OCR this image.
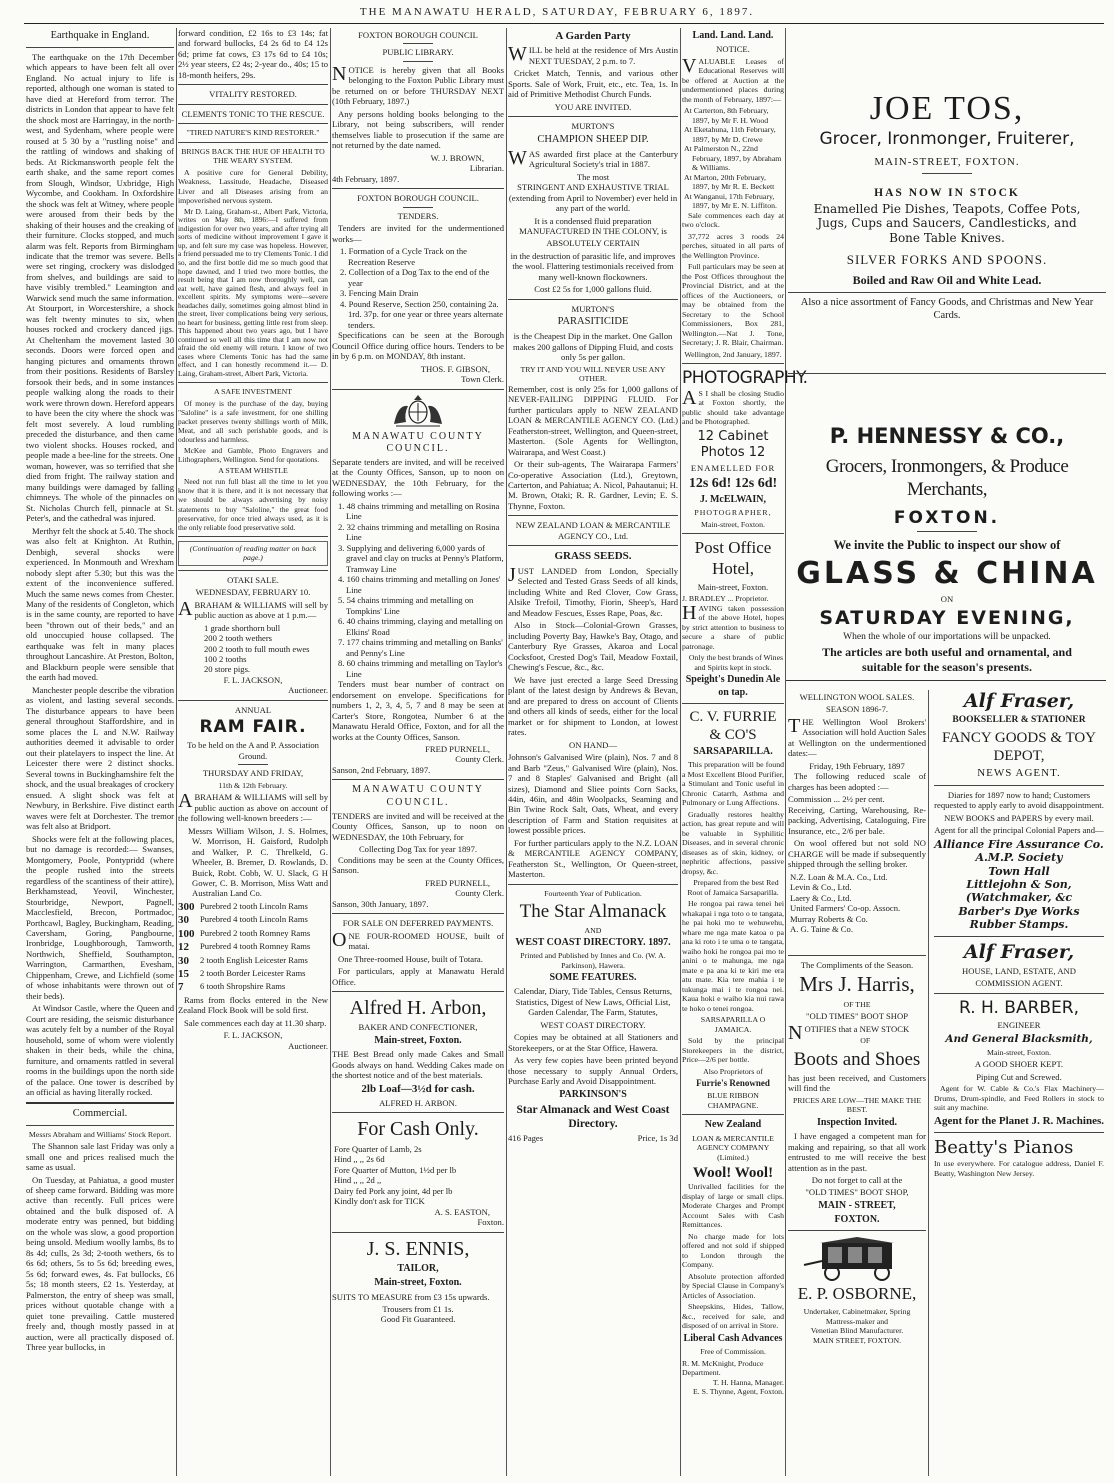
THE MANAWATU HERALD, SATURDAY, FEBRUARY 6, 1897.
Earthquake in England.

The earthquake on the 17th December which appears to have been felt all over England. No actual injury to life is reported, although one woman is stated to have died at Hereford from terror. The districts in London that appear to have felt the shock most are Harringay, in the north-west, and Sydenham, where people were roused at 5 30 by a "rustling noise" and the rattling of windows and shaking of beds. At Rickmansworth people felt the earth shake, and the same report comes from Slough, Windsor, Uxbridge, High Wycombe, and Cookham. In Oxfordshire the shock was felt at Witney, where people were aroused from their beds by the shaking of their houses and the creaking of their furniture. Clocks stopped, and much alarm was felt. Reports from Birmingham indicate that the tremor was severe. Bells were set ringing, crockery was dislodged from shelves, and buildings are said to have visibly trembled." Leamington and Warwick send much the same information. At Stourport, in Worcestershire, a shock was felt twenty minutes to six, when houses rocked and crockery danced jigs. At Cheltenham the movement lasted 30 seconds. Doors were forced open and hanging pictures and ornaments thrown from their positions. Residents of Barsley forsook their beds, and in some instances people walking along the roads to their work were thrown down. Hereford appears to have been the city where the shock was felt most severely. A loud rumbling preceded the disturbance, and then came two violent shocks. Houses rocked, and people made a bee-line for the streets. One woman, however, was so terrified that she died from fright. The railway station and many buildings were damaged by falling chimneys. The whole of the pinnacles on St. Nicholas Church fell, pinnacle at St. Peter's, and the cathedral was injured.

Merthyr felt the shock at 5.40. The shock was also felt at Knighton. At Ruthin, Denbigh, several shocks were experienced. In Monmouth and Wrexham nobody slept after 5.30; but this was the extent of the inconvenience suffered. Much the same news comes from Chester. Many of the residents of Congleton, which is in the same county, are reported to have been "thrown out of their beds," and an old unoccupied house collapsed. The earthquake was felt in many places throughout Lancashire. At Preston, Bolton, and Blackburn people were sensible that the earth had moved.

Manchester people describe the vibration as violent, and lasting several seconds. The disturbance appears to have been general throughout Staffordshire, and in some places the L and N.W. Railway authorities deemed it advisable to order out their platelayers to inspect the line. At Leicester there were 2 distinct shocks. Several towns in Buckinghamshire felt the shock, and the usual breakages of crockery ensued. A slight shock was felt at Newbury, in Berkshire. Five distinct earth waves were felt at Dorchester. The tremor was felt also at Bridport.

Shocks were felt at the following places, but no damage is recorded:— Swanses, Montgomery, Poole, Pontypridd (where the people rushed into the streets regardless of the scantiness of their attire), Berkhamstead, Yeovil, Winchester, Stourbridge, Newport, Pagnell, Macclesfield, Brecon, Portmadoc, Porthcawl, Bagley, Buckingham, Reading, Caversham, Goring, Pangbourne, Ironbridge, Loughborough, Tamworth, Northwich, Sheffield, Southampton, Warrington, Carmarthen, Evesham, Chippenham, Crewe, and Lichfield (some of whose inhabitants were thrown out of their beds).

At Windsor Castle, where the Queen and Court are residing, the seismic disturbance was acutely felt by a number of the Royal household, some of whom were violently shaken in their beds, while the china, furniture, and ornaments rattled in several rooms in the buildings upon the north side of the palace. One tower is described by an official as having literally rocked.

Commercial.
Messrs Abraham and Williams' Stock Report.

The Shannon sale last Friday was only a small one and prices realised much the same as usual.

On Tuesday, at Pahiatua, a good muster of sheep came forward. Bidding was more active than recently. Full prices were obtained and the bulk disposed of. A moderate entry was penned, but bidding on the whole was slow, a good proportion being unsold. Medium woolly lambs, 8s to 8s 4d; culls, 2s 3d; 2-tooth wethers, 6s to 6s 6d; others, 5s to 5s 6d; breeding ewes, 5s 6d; forward ewes, 4s. Fat bullocks, £6 5s; 18 month steers, £2 1s. Yesterday, at Palmerston, the entry of sheep was small, prices without quotable change with a quiet tone prevailing. Cattle mustered freely and, though mostly passed in at auction, were all practically disposed of. Three year bullocks, in

forward condition, £2 16s to £3 14s; fat and forward bullocks, £4 2s 6d to £4 12s 6d; prime fat cows, £3 17s 6d to £4 10s; 2½ year steers, £2 4s; 2-year do., 40s; 15 to 18-month heifers, 29s.

VITALITY RESTORED.
CLEMENTS TONIC TO THE RESCUE.
"TIRED NATURE'S KIND RESTORER."
BRINGS BACK THE HUE OF HEALTH TO THE WEARY SYSTEM.

A positive cure for General Debility, Weakness, Lassitude, Headache, Diseased Liver and all Diseases arising from an impoverished nervous system.

Mr D. Laing, Graham-st., Albert Park, Victoria, writes on May 8th, 1896:—I suffered from indigestion for over two years, and after trying all sorts of medicine without improvement I gave it up, and felt sure my case was hopeless. However, a friend persuaded me to try Clements Tonic. I did so, and the first bottle did me so much good that hope dawned, and I tried two more bottles, the result being that I am now thoroughly well, can eat well, have gained flesh, and always feel in excellent spirits. My symptoms were—severe headaches daily, sometimes going almost blind in the street, liver complications being very serious, no heart for business, getting little rest from sleep. This happened about two years ago, but I have continued so well all this time that I am now not afraid the old enemy will return. I know of two cases where Clements Tonic has had the same effect, and I can honestly recommend it.— D. Laing, Graham-street, Albert Park, Victoria.

A SAFE INVESTMENT

Of money is the purchase of the day, buying "Saloline" is a safe investment, for one shilling packet preserves twenty shillings worth of Milk, Meat, and all such perishable goods, and is odourless and harmless.

McKee and Gamble, Photo Engravers and Lithographers, Wellington. Send for quotations.

A STEAM WHISTLE

Need not run full blast all the time to let you know that it is there, and it is not necessary that we should be always advertising by noisy statements to buy "Saloline," the great food preservative, for once tried always used, as it is the only reliable food preservative sold.

(Continuation of reading matter on back page.)
OTAKI SALE.
WEDNESDAY, FEBRUARY 10.

ABRAHAM & WILLIAMS will sell by public auction as above at 1 p.m.—

1 grade shorthorn bull
200 2 tooth wethers
200 2 tooth to full mouth ewes
100 2 tooths
20 store pigs.
F. L. JACKSON,
Auctioneer.
ANNUAL
RAM FAIR.
To be held on the A and P. Association Ground.
THURSDAY AND FRIDAY,
11th & 12th February.

ABRAHAM & WILLIAMS will sell by public auction as above on account of the following well-known breeders :—

Messrs William Wilson, J. S. Holmes, W. Morrison, H. Gaisford, Rudolph and Walker, P. C. Threlkeld, G. Wheeler, B. Bremer, D. Rowlands, D. Buick, Robt. Cobb, W. U. Slack, G H Gower, C. B. Morrison, Miss Watt and Australian Land Co.

300 Purebred 2 tooth Lincoln Rams
30	Purebred 4 tooth Lincoln Rams
100 Purebred 2 tooth Romney Rams
12	Purebred 4 tooth Romney Rams
30	2 tooth English Leicester Rams
15	2 tooth Border Leicester Rams
7	6 tooth Shropshire Rams

Rams from flocks entered in the New Zealand Flock Book will be sold first.

Sale commences each day at 11.30 sharp.

F. L. JACKSON,
Auctioneer.
FOXTON BOROUGH COUNCIL
PUBLIC LIBRARY.

NOTICE is hereby given that all Books belonging to the Foxton Public Library must be returned on or before THURSDAY NEXT (10th February, 1897.)

Any persons holding books belonging to the Library, not being subscribers, will render themselves liable to prosecution if the same are not returned by the date named.

W. J. BROWN,
Librarian.
4th February, 1897.
FOXTON BOROUGH COUNCIL.
TENDERS.

Tenders are invited for the undermentioned works—

1. Formation of a Cycle Track on the Recreation Reserve
2. Collection of a Dog Tax to the end of the year
3. Fencing Main Drain
4. Pound Reserve, Section 250, containing 2a. 1rd. 37p. for one year or three years alternate tenders.

Specifications can be seen at the Borough Council Office during office hours. Tenders to be in by 6 p.m. on MONDAY, 8th instant.

THOS. F. GIBSON,
Town Clerk.
MANAWATU COUNTY COUNCIL.

Separate tenders are invited, and will be received at the County Offices, Sanson, up to noon on WEDNESDAY, the 10th February, for the following works :—

1. 48 chains trimming and metalling on Rosina Line
2. 32 chains trimming and metalling on Rosina Line
3. Supplying and delivering 6,000 yards of gravel and clay on trucks at Penny's Platform, Tramway Line
4. 160 chains trimming and metalling on Jones' Line
5. 54 chains trimming and metalling on Tompkins' Line
6. 40 chains trimming, claying and metalling on Elkins' Road
7. 177 chains trimming and metalling on Banks' and Penny's Line
8. 60 chains trimming and metalling on Taylor's Line

Tenders must bear number of contract on endorsement on envelope. Specifications for numbers 1, 2, 3, 4, 5, 7 and 8 may be seen at Carter's Store, Rongotea, Number 6 at the Manawatu Herald Office, Foxton, and for all the works at the County Offices, Sanson.

FRED PURNELL,
County Clerk.
Sanson, 2nd February, 1897.
MANAWATU COUNTY COUNCIL.

TENDERS are invited and will be received at the County Offices, Sanson, up to noon on WEDNESDAY, the 10th February, for

Collecting Dog Tax for year 1897.

Conditions may be seen at the County Offices, Sanson.

FRED PURNELL,
County Clerk.
Sanson, 30th January, 1897.
FOR SALE ON DEFERRED PAYMENTS.

ONE FOUR-ROOMED HOUSE, built of matai.

One Three-roomed House, built of Totara.

For particulars, apply at Manawatu Herald Office.

Alfred H. Arbon,
BAKER AND CONFECTIONER,
Main-street, Foxton.

THE Best Bread only made Cakes and Small Goods always on hand. Wedding Cakes made on the shortest notice and of the best materials.

2lb Loaf—3½d for cash.
ALFRED H. ARBON.
For Cash Only.
Fore Quarter of Lamb, 2s
Hind ,, ,, 2s 6d
Fore Quarter of Mutton, 1½d per lb
Hind ,, ,, 2d ,,
Dairy fed Pork any joint, 4d per lb
Kindly don't ask for TICK
A. S. EASTON,
Foxton.
J. S. ENNIS,
TAILOR,
Main-street, Foxton.

SUITS TO MEASURE from £3 15s upwards.

Trousers from £1 1s.
Good Fit Guaranteed.
A Garden Party

WILL be held at the residence of Mrs Austin NEXT TUESDAY, 2 p.m. to 7.

Cricket Match, Tennis, and various other Sports. Sale of Work, Fruit, etc., etc. Tea, 1s. In aid of Primitive Methodist Church Funds.

YOU ARE INVITED.
MURTON'S
CHAMPION SHEEP DIP.

WAS awarded first place at the Canterbury Agricultural Society's trial in 1887.

The most

STRINGENT AND EXHAUSTIVE TRIAL (extending from April to November) ever held in any part of the world.

It is a condensed fluid preparation MANUFACTURED IN THE COLONY, is

ABSOLUTELY CERTAIN

in the destruction of parasitic life, and improves the wool. Flattering testimonials received from many well-known flockowners.

Cost £2 5s for 1,000 gallons fluid.
MURTON'S
PARASITICIDE

is the Cheapest Dip in the market. One Gallon makes 200 gallons of Dipping Fluid, and costs only 5s per gallon.

TRY IT AND YOU WILL NEVER USE ANY OTHER.

Remember, cost is only 25s for 1,000 gallons of NEVER-FAILING DIPPING FLUID. For further particulars apply to NEW ZEALAND LOAN & MERCANTILE AGENCY CO. (Ltd.) Featherston-street, Wellington, and Queen-street, Masterton. (Sole Agents for Wellington, Wairarapa, and West Coast.)

Or their sub-agents, The Wairarapa Farmers' Co-operative Association (Ltd.), Greytown, Carterton, and Pahiatua; A. Nicol, Pahautanui; H. M. Brown, Otaki; R. R. Gardner, Levin; E. S. Thynne, Foxton.

NEW ZEALAND LOAN & MERCANTILE AGENCY CO., Ltd.
GRASS SEEDS.

JUST LANDED from London, Specially Selected and Tested Grass Seeds of all kinds, including White and Red Clover, Cow Grass, Alsike Trefoil, Timothy, Fiorin, Sheep's, Hard and Meadow Fescues, Esses Rape, Poas, &c.

Also in Stock—Colonial-Grown Grasses, including Poverty Bay, Hawke's Bay, Otago, and Canterbury Rye Grasses, Akaroa and Local Cocksfoot, Crested Dog's Tail, Meadow Foxtail, Chewing's Fescue, &c., &c.

We have just erected a large Seed Dressing plant of the latest design by Andrews & Bevan, and are prepared to dress on account of Clients and others all kinds of seeds, either for the local market or for shipment to London, at lowest rates.

ON HAND—

Johnson's Galvanised Wire (plain), Nos. 7 and 8 and Barb "Zeus," Galvanised Wire (plain), Nos. 7 and 8 Staples' Galvanised and Bright (all sizes), Diamond and Sliee points Corn Sacks, 44in, 46in, and 48in Woolpacks, Seaming and Bin Twine Rock Salt, Oats, Wheat, and every description of Farm and Station requisites at lowest possible prices.

For further particulars apply to the N.Z. LOAN & MERCANTILE AGENCY COMPANY, Featherston St., Wellington, Or Queen-street, Masterton.

Fourteenth Year of Publication.
The Star Almanack
AND
WEST COAST DIRECTORY. 1897.
Printed and Published by Innes and Co. (W. A. Parkinson), Hawera.
SOME FEATURES.

Calendar, Diary, Tide Tables, Census Returns, Statistics, Digest of New Laws, Official List, Garden Calendar, The Farm, Statutes,

WEST COAST DIRECTORY.

Copies may be obtained at all Stationers and Storekeepers, or at the Star Office, Hawera.

As very few copies have been printed beyond those necessary to supply Annual Orders, Purchase Early and Avoid Disappointment.

PARKINSON'S
Star Almanack and West Coast Directory.
416 Pages	Price, 1s 3d
Land. Land. Land.
NOTICE.

VALUABLE Leases of Educational Reserves will be offered at Auction at the undermentioned places during the month of February, 1897:—

At Carterton, 8th February, 1897, by Mr F. H. Wood
At Eketahuna, 11th February, 1897, by Mr D. Crewe
At Palmerston N., 22nd February, 1897, by Abraham & Williams.
At Marton, 20th February, 1897, by Mr R. E. Beckett
At Wanganui, 17th February, 1897, by Mr E. N. Liffiton.

Sale commences each day at two o'clock.

37,772 acres 3 roods 24 perches, situated in all parts of the Wellington Province.

Full particulars may be seen at the Post Offices throughout the Provincial District, and at the offices of the Auctioneers, or may be obtained from the Secretary to the School Commissioners, Box 281, Wellington.—Nat J. Tone, Secretary; J. R. Blair, Chairman.

Wellington, 2nd January, 1897.
PHOTOGRAPHY.

AS I shall be closing Studio at Foxton shortly, the public should take advantage and be Photographed.

12 Cabinet Photos 12
ENAMELLED FOR
12s 6d! 12s 6d!
J. McELWAIN,
PHOTOGRAPHER,
Main-street, Foxton.
Post Office Hotel,
Main-street, Foxton.
J. BRADLEY ... Proprietor.

HAVING taken possession of the above Hotel, hopes by strict attention to business to secure a share of public patronage.

Only the best brands of Wines and Spirits kept in stock.

Speight's Dunedin Ale on tap.
C. V. FURRIE & CO'S
SARSAPARILLA.

This preparation will be found a Most Excellent Blood Purifier, a Stimulant and Tonic useful in Chronic Catarrh, Asthma and Pulmonary or Lung Affections.

Gradually restores healthy action, has great repute and will be valuable in Syphilitic Diseases, and in several chronic diseases as of skin, kidney, or nephritic affections, passive dropsy, &c.

Prepared from the best Red Root of Jamaica Sarsaparilla.

He rongoa pai rawa tenei hei whakapai i nga toto o te tangata, he pai hoki mo te wehuwehu, whare me nga mate katoa o pa ana ki roto i te uma o te tangata, waiho hoki he rongoa pai mo te anini o te mahunga, me nga mate e pa ana ki te kiri me era atu mate. Kia tere mahia i te tukunga mai i te rongoa nei. Kaua hoki e waiho kia nui rawa te hoko o tenei rongoa.

SARSAPARILLA O JAMAICA.

Sold by the principal Storekeepers in the district, Price—2/6 per bottle.

Also Proprietors of
Furrie's Renowned
BLUE RIBBON CHAMPAGNE.
New Zealand
LOAN & MERCANTILE AGENCY COMPANY (Limited.)
Wool! Wool!

Unrivalled facilities for the display of large or small clips. Moderate Charges and Prompt Account Sales with Cash Remittances.

No charge made for lots offered and not sold if shipped to London through the Company.

Absolute protection afforded by Special Clause in Company's Articles of Association.

Sheepskins, Hides, Tallow, &c., received for sale, and disposed of on arrival in Store.

Liberal Cash Advances
Free of Commission.
R. M. McKnight, Produce Department.
T. H. Hanna, Manager.
E. S. Thynne, Agent, Foxton.
JOE TOS,
Grocer, Ironmonger, Fruiterer,
MAIN-STREET, FOXTON.
HAS NOW IN STOCK
Enamelled Pie Dishes, Teapots, Coffee Pots, Jugs, Cups and Saucers, Candlesticks, and Bone Table Knives.
SILVER FORKS AND SPOONS.
Boiled and Raw Oil and White Lead.
Also a nice assortment of Fancy Goods, and Christmas and New Year Cards.
P. HENNESSY & CO.,
Grocers, Ironmongers, & Produce Merchants,
FOXTON.
We invite the Public to inspect our show of
GLASS & CHINA
ON
SATURDAY EVENING,
When the whole of our importations will be unpacked.
The articles are both useful and ornamental, and suitable for the season's presents.
WELLINGTON WOOL SALES.
SEASON 1896-7.

THE Wellington Wool Brokers' Association will hold Auction Sales at Wellington on the undermentioned dates:—

Friday, 19th February, 1897

The following reduced scale of charges has been adopted :—

Commission ... 2½ per cent.

Receiving, Carting, Warehousing, Re-packing, Advertising, Cataloguing, Fire Insurance, etc., 2/6 per bale.

On wool offered but not sold NO CHARGE will be made if subsequently shipped through the selling broker.

N.Z. Loan & M.A. Co., Ltd.
Levin & Co., Ltd.
Laery & Co., Ltd.
United Farmers' Co-op. Assocn.
Murray Roberts & Co.
A. G. Taine & Co.
The Compliments of the Season.
Mrs J. Harris,
OF THE
"OLD TIMES" BOOT SHOP

NOTIFIES that a NEW STOCK

OF
Boots and Shoes

has just been received, and Customers will find the

PRICES ARE LOW—THE MAKE THE BEST.
Inspection Invited.

I have engaged a competent man for making and repairing, so that all work entrusted to me will receive the best attention as in the past.

Do not forget to call at the
"OLD TIMES" BOOT SHOP,
MAIN - STREET,
FOXTON.
E. P. OSBORNE,
Undertaker, Cabinetmaker, Spring Mattress-maker and
Venetian Blind Manufacturer.
MAIN STREET, FOXTON.
Alf Fraser,
BOOKSELLER & STATIONER
FANCY GOODS & TOY DEPOT,
NEWS AGENT.

Diaries for 1897 now to hand; Customers requested to apply early to avoid disappointment.

NEW BOOKS and PAPERS by every mail.

Agent for all the principal Colonial Papers and—

Alliance Fire Assurance Co.
A.M.P. Society
Town Hall
Littlejohn & Son, (Watchmaker, &c
Barber's Dye Works
Rubber Stamps.
Alf Fraser,
HOUSE, LAND, ESTATE, AND
COMMISSION AGENT.
R. H. BARBER,
ENGINEER
And General Blacksmith,
Main-street, Foxton.
A GOOD SHOER KEPT.
Piping Cut and Screwed.

Agent for W. Cable & Co.'s Flax Machinery—Drums, Drum-spindle, and Feed Rollers in stock to suit any machine.

Agent for the Planet J. R. Machines.
Beatty's Pianos

In use everywhere. For catalogue address, Daniel F. Beatty, Washington New Jersey.
